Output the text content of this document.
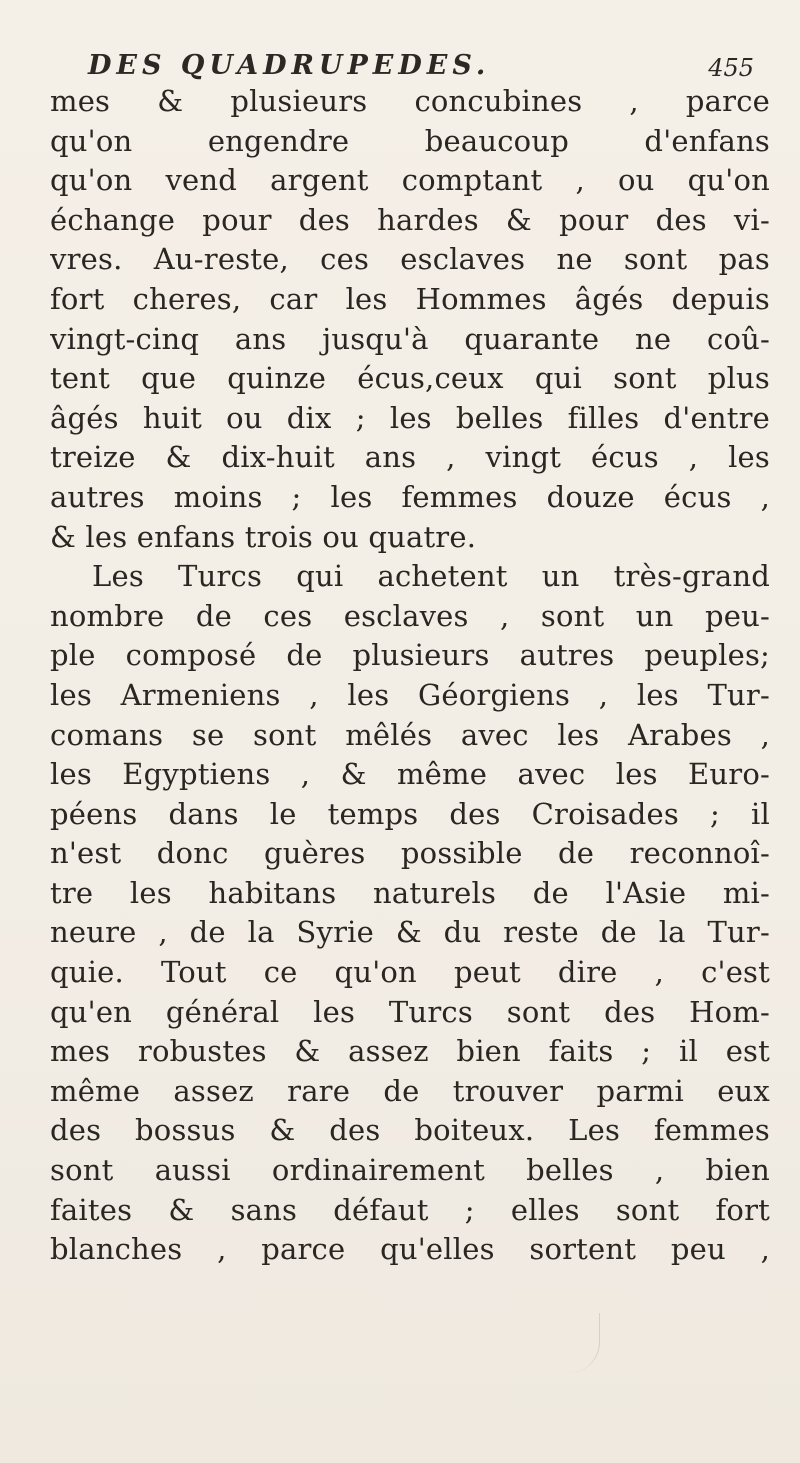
DES QUADRUPEDES.	455
mes & plusieurs concubines , parce
qu'on engendre beaucoup d'enfans
qu'on vend argent comptant , ou qu'on
échange pour des hardes & pour des vi-
vres. Au-reste, ces esclaves ne sont pas
fort cheres, car les Hommes âgés depuis
vingt-cinq ans jusqu'à quarante ne coû-
tent que quinze écus,ceux qui sont plus
âgés huit ou dix ; les belles filles d'entre
treize & dix-huit ans , vingt écus , les
autres moins ; les femmes douze écus ,
& les enfans trois ou quatre.
Les Turcs qui achetent un très-grand
nombre de ces esclaves , sont un peu-
ple composé de plusieurs autres peuples;
les Armeniens , les Géorgiens , les Tur-
comans se sont mêlés avec les Arabes ,
les Egyptiens , & même avec les Euro-
péens dans le temps des Croisades ; il
n'est donc guères possible de reconnoî-
tre les habitans naturels de l'Asie mi-
neure , de la Syrie & du reste de la Tur-
quie. Tout ce qu'on peut dire , c'est
qu'en général les Turcs sont des Hom-
mes robustes & assez bien faits ; il est
même assez rare de trouver parmi eux
des bossus & des boiteux. Les femmes
sont aussi ordinairement belles , bien
faites & sans défaut ; elles sont fort
blanches , parce qu'elles sortent peu ,
